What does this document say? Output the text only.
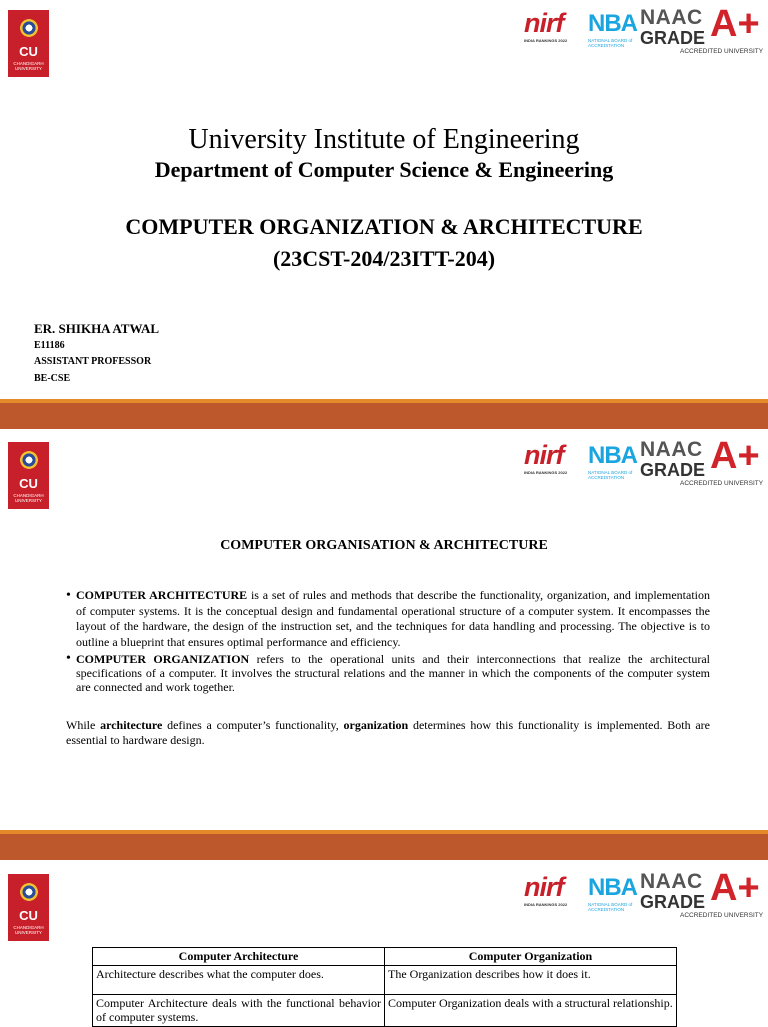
CU
CHANDIGARH UNIVERSITY
nirf
INDIA RANKINGS 2022
NBA
NATIONAL BOARD of ACCREDITATION
NAAC
GRADE A+
ACCREDITED UNIVERSITY
University Institute of Engineering
Department of Computer Science & Engineering
COMPUTER ORGANIZATION & ARCHITECTURE
(23CST-204/23ITT-204)
ER. SHIKHA ATWAL
E11186
ASSISTANT PROFESSOR
BE-CSE
CU
CHANDIGARH UNIVERSITY
nirf
INDIA RANKINGS 2022
NBA
NATIONAL BOARD of ACCREDITATION
NAAC
GRADE A+
ACCREDITED UNIVERSITY
COMPUTER ORGANISATION & ARCHITECTURE
• COMPUTER ARCHITECTURE is a set of rules and methods that describe the functionality, organization, and implementation of computer systems. It is the conceptual design and fundamental operational structure of a computer system. It encompasses the layout of the hardware, the design of the instruction set, and the techniques for data handling and processing. The objective is to outline a blueprint that ensures optimal performance and efficiency.
• COMPUTER ORGANIZATION refers to the operational units and their interconnections that realize the architectural specifications of a computer. It involves the structural relations and the manner in which the components of the computer system are connected and work together.
While architecture defines a computer’s functionality, organization determines how this functionality is implemented. Both are essential to hardware design.
CU
CHANDIGARH UNIVERSITY
nirf
INDIA RANKINGS 2022
NBA
NATIONAL BOARD of ACCREDITATION
NAAC
GRADE A+
ACCREDITED UNIVERSITY
Computer Architecture	Computer Organization
Architecture describes what the computer does.	The Organization describes how it does it.
Computer Architecture deals with the functional behavior of computer systems.	Computer Organization deals with a structural relationship.
